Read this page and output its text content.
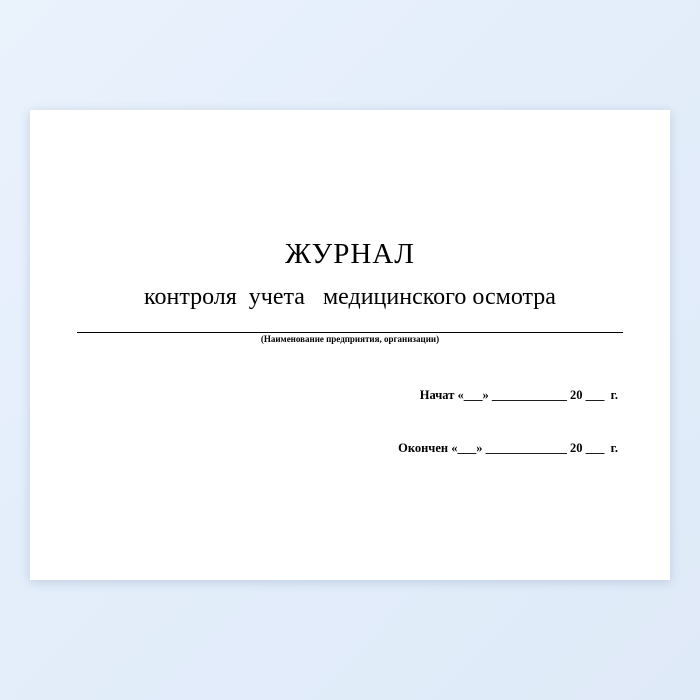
ЖУРНАЛ
контроля  учета   медицинского осмотра
(Наименование предприятия, организации)
Начат «___» ____________ 20 ___  г.
Окончен «___» _____________ 20 ___  г.
